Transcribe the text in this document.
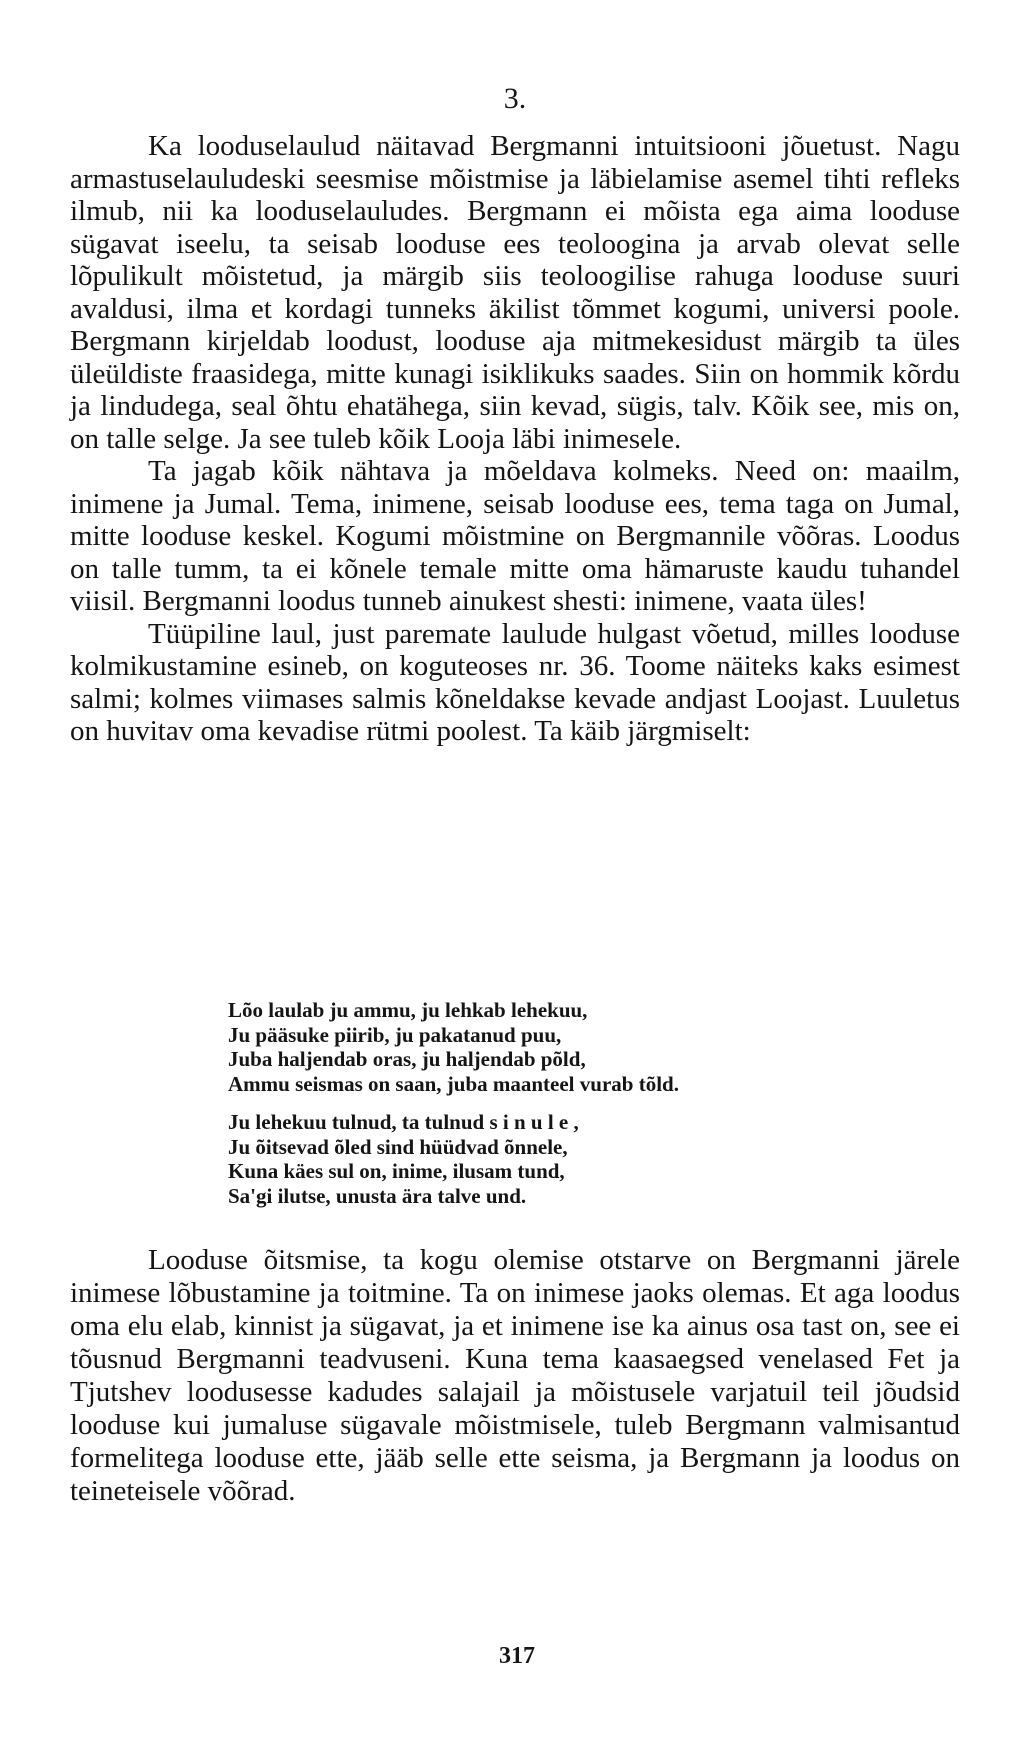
3.

Ka looduselaulud näitavad Bergmanni intuitsiooni jõuetust. Nagu armastuselauludeski seesmise mõistmise ja läbielamise asemel tihti refleks ilmub, nii ka looduselauludes. Bergmann ei mõista ega aima looduse sügavat iseelu, ta seisab looduse ees teoloogina ja arvab olevat selle lõpulikult mõistetud, ja märgib siis teoloogilise rahuga looduse suuri avaldusi, ilma et kordagi tunneks äkilist tõmmet kogumi, universi poole. Bergmann kirjeldab loodust, looduse aja mitmekesidust märgib ta üles üleüldiste fraasidega, mitte kunagi isiklikuks saades. Siin on hommik kõrdu ja lindudega, seal õhtu ehatähega, siin kevad, sügis, talv. Kõik see, mis on, on talle selge. Ja see tuleb kõik Looja läbi inimesele.

Ta jagab kõik nähtava ja mõeldava kolmeks. Need on: maailm, inimene ja Jumal. Tema, inimene, seisab looduse ees, tema taga on Jumal, mitte looduse keskel. Kogumi mõistmine on Bergmannile võõras. Loodus on talle tumm, ta ei kõnele temale mitte oma hämaruste kaudu tuhandel viisil. Bergmanni loodus tunneb ainukest shesti: inimene, vaata üles!

Tüüpiline laul, just paremate laulude hulgast võetud, milles looduse kolmikustamine esineb, on koguteoses nr. 36. Toome näiteks kaks esimest salmi; kolmes viimases salmis kõneldakse kevade andjast Loojast. Luuletus on huvitav oma kevadise rütmi poolest. Ta käib järgmiselt:

Lõo laulab ju ammu, ju lehkab lehekuu,
Ju pääsuke piirib, ju pakatanud puu,
Juba haljendab oras, ju haljendab põld,
Ammu seismas on saan, juba maanteel vurab tõld.
Ju lehekuu tulnud, ta tulnud s i n u l e ,
Ju õitsevad õled sind hüüdvad õnnele,
Kuna käes sul on, inime, ilusam tund,
Sa'gi ilutse, unusta ära talve und.

Looduse õitsmise, ta kogu olemise otstarve on Bergmanni järele inimese lõbustamine ja toitmine. Ta on inimese jaoks olemas. Et aga loodus oma elu elab, kinnist ja sügavat, ja et inimene ise ka ainus osa tast on, see ei tõusnud Bergmanni teadvuseni. Kuna tema kaasaegsed venelased Fet ja Tjutshev loodusesse kadudes salajail ja mõistusele varjatuil teil jõudsid looduse kui jumaluse sügavale mõistmisele, tuleb Bergmann valmisantud formelitega looduse ette, jääb selle ette seisma, ja Bergmann ja loodus on teineteisele võõrad.

317
